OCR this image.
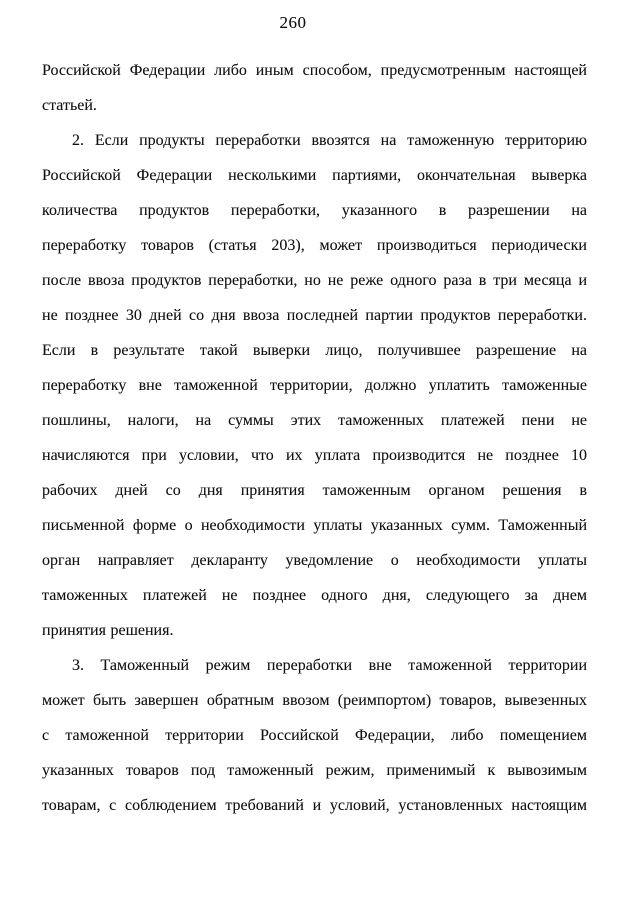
260
Российской Федерации либо иным способом, предусмотренным настоящей
статьей.
2. Если продукты переработки ввозятся на таможенную территорию
Российской Федерации несколькими партиями, окончательная выверка
количества продуктов переработки, указанного в разрешении на
переработку товаров (статья 203), может производиться периодически
после ввоза продуктов переработки, но не реже одного раза в три месяца и
не позднее 30 дней со дня ввоза последней партии продуктов переработки.
Если в результате такой выверки лицо, получившее разрешение на
переработку вне таможенной территории, должно уплатить таможенные
пошлины, налоги, на суммы этих таможенных платежей пени не
начисляются при условии, что их уплата производится не позднее 10
рабочих дней со дня принятия таможенным органом решения в
письменной форме о необходимости уплаты указанных сумм. Таможенный
орган направляет декларанту уведомление о необходимости уплаты
таможенных платежей не позднее одного дня, следующего за днем
принятия решения.
3. Таможенный режим переработки вне таможенной территории
может быть завершен обратным ввозом (реимпортом) товаров, вывезенных
с таможенной территории Российской Федерации, либо помещением
указанных товаров под таможенный режим, применимый к вывозимым
товарам, с соблюдением требований и условий, установленных настоящим
